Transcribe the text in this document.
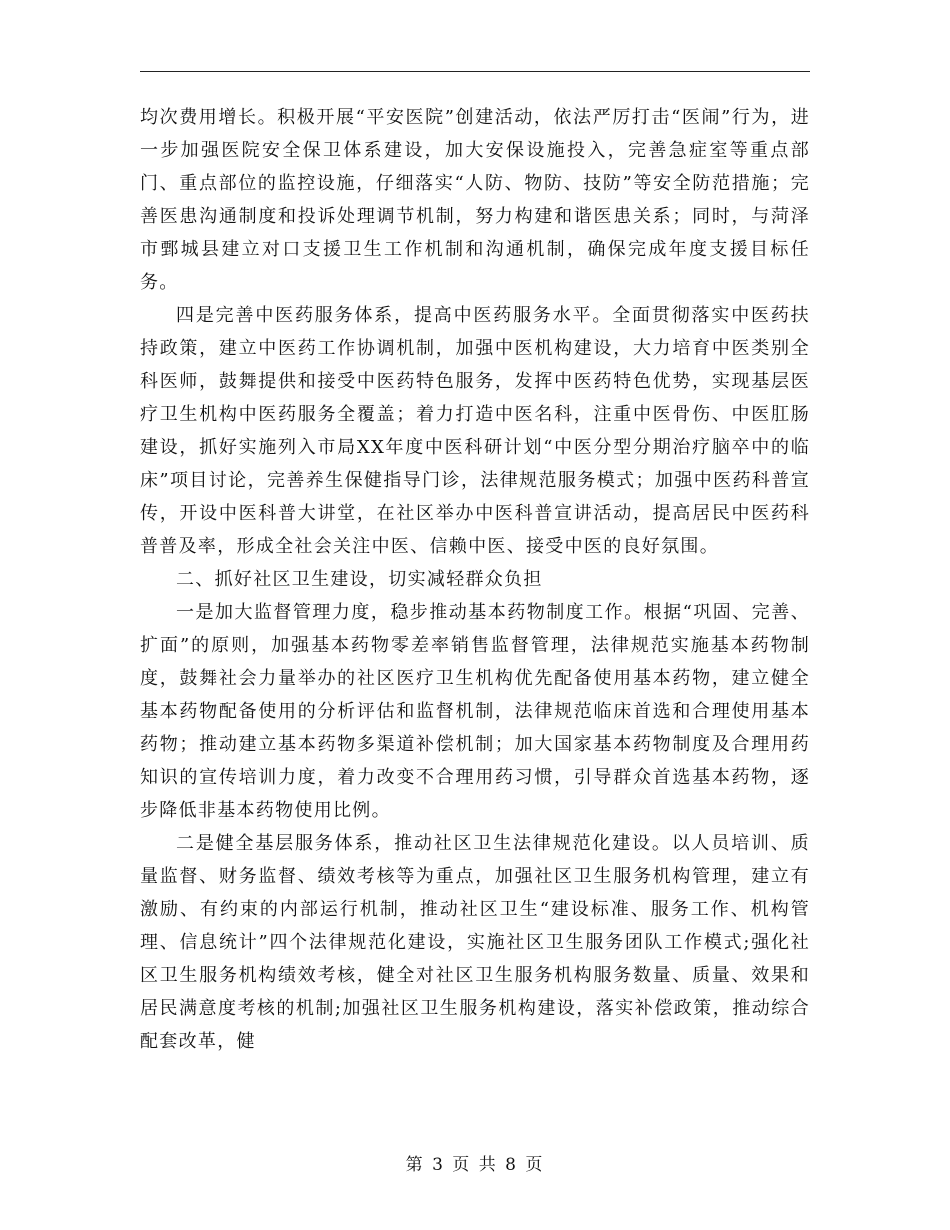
均次费用增长。积极开展“平安医院”创建活动，依法严厉打击“医闹”行为，进一步加强医院安全保卫体系建设，加大安保设施投入，完善急症室等重点部门、重点部位的监控设施，仔细落实“人防、物防、技防”等安全防范措施；完善医患沟通制度和投诉处理调节机制，努力构建和谐医患关系；同时，与菏泽市鄄城县建立对口支援卫生工作机制和沟通机制，确保完成年度支援目标任务。

四是完善中医药服务体系，提高中医药服务水平。全面贯彻落实中医药扶持政策，建立中医药工作协调机制，加强中医机构建设，大力培育中医类别全科医师，鼓舞提供和接受中医药特色服务，发挥中医药特色优势，实现基层医疗卫生机构中医药服务全覆盖；着力打造中医名科，注重中医骨伤、中医肛肠建设，抓好实施列入市局XX年度中医科研计划“中医分型分期治疗脑卒中的临床”项目讨论，完善养生保健指导门诊，法律规范服务模式；加强中医药科普宣传，开设中医科普大讲堂，在社区举办中医科普宣讲活动，提高居民中医药科普普及率，形成全社会关注中医、信赖中医、接受中医的良好氛围。

二、抓好社区卫生建设，切实减轻群众负担

一是加大监督管理力度，稳步推动基本药物制度工作。根据“巩固、完善、扩面”的原则，加强基本药物零差率销售监督管理，法律规范实施基本药物制度，鼓舞社会力量举办的社区医疗卫生机构优先配备使用基本药物，建立健全基本药物配备使用的分析评估和监督机制，法律规范临床首选和合理使用基本药物；推动建立基本药物多渠道补偿机制；加大国家基本药物制度及合理用药知识的宣传培训力度，着力改变不合理用药习惯，引导群众首选基本药物，逐步降低非基本药物使用比例。

二是健全基层服务体系，推动社区卫生法律规范化建设。以人员培训、质量监督、财务监督、绩效考核等为重点，加强社区卫生服务机构管理，建立有激励、有约束的内部运行机制，推动社区卫生“建设标准、服务工作、机构管理、信息统计”四个法律规范化建设，实施社区卫生服务团队工作模式;强化社区卫生服务机构绩效考核，健全对社区卫生服务机构服务数量、质量、效果和居民满意度考核的机制;加强社区卫生服务机构建设，落实补偿政策，推动综合配套改革，健

第 3 页 共 8 页
